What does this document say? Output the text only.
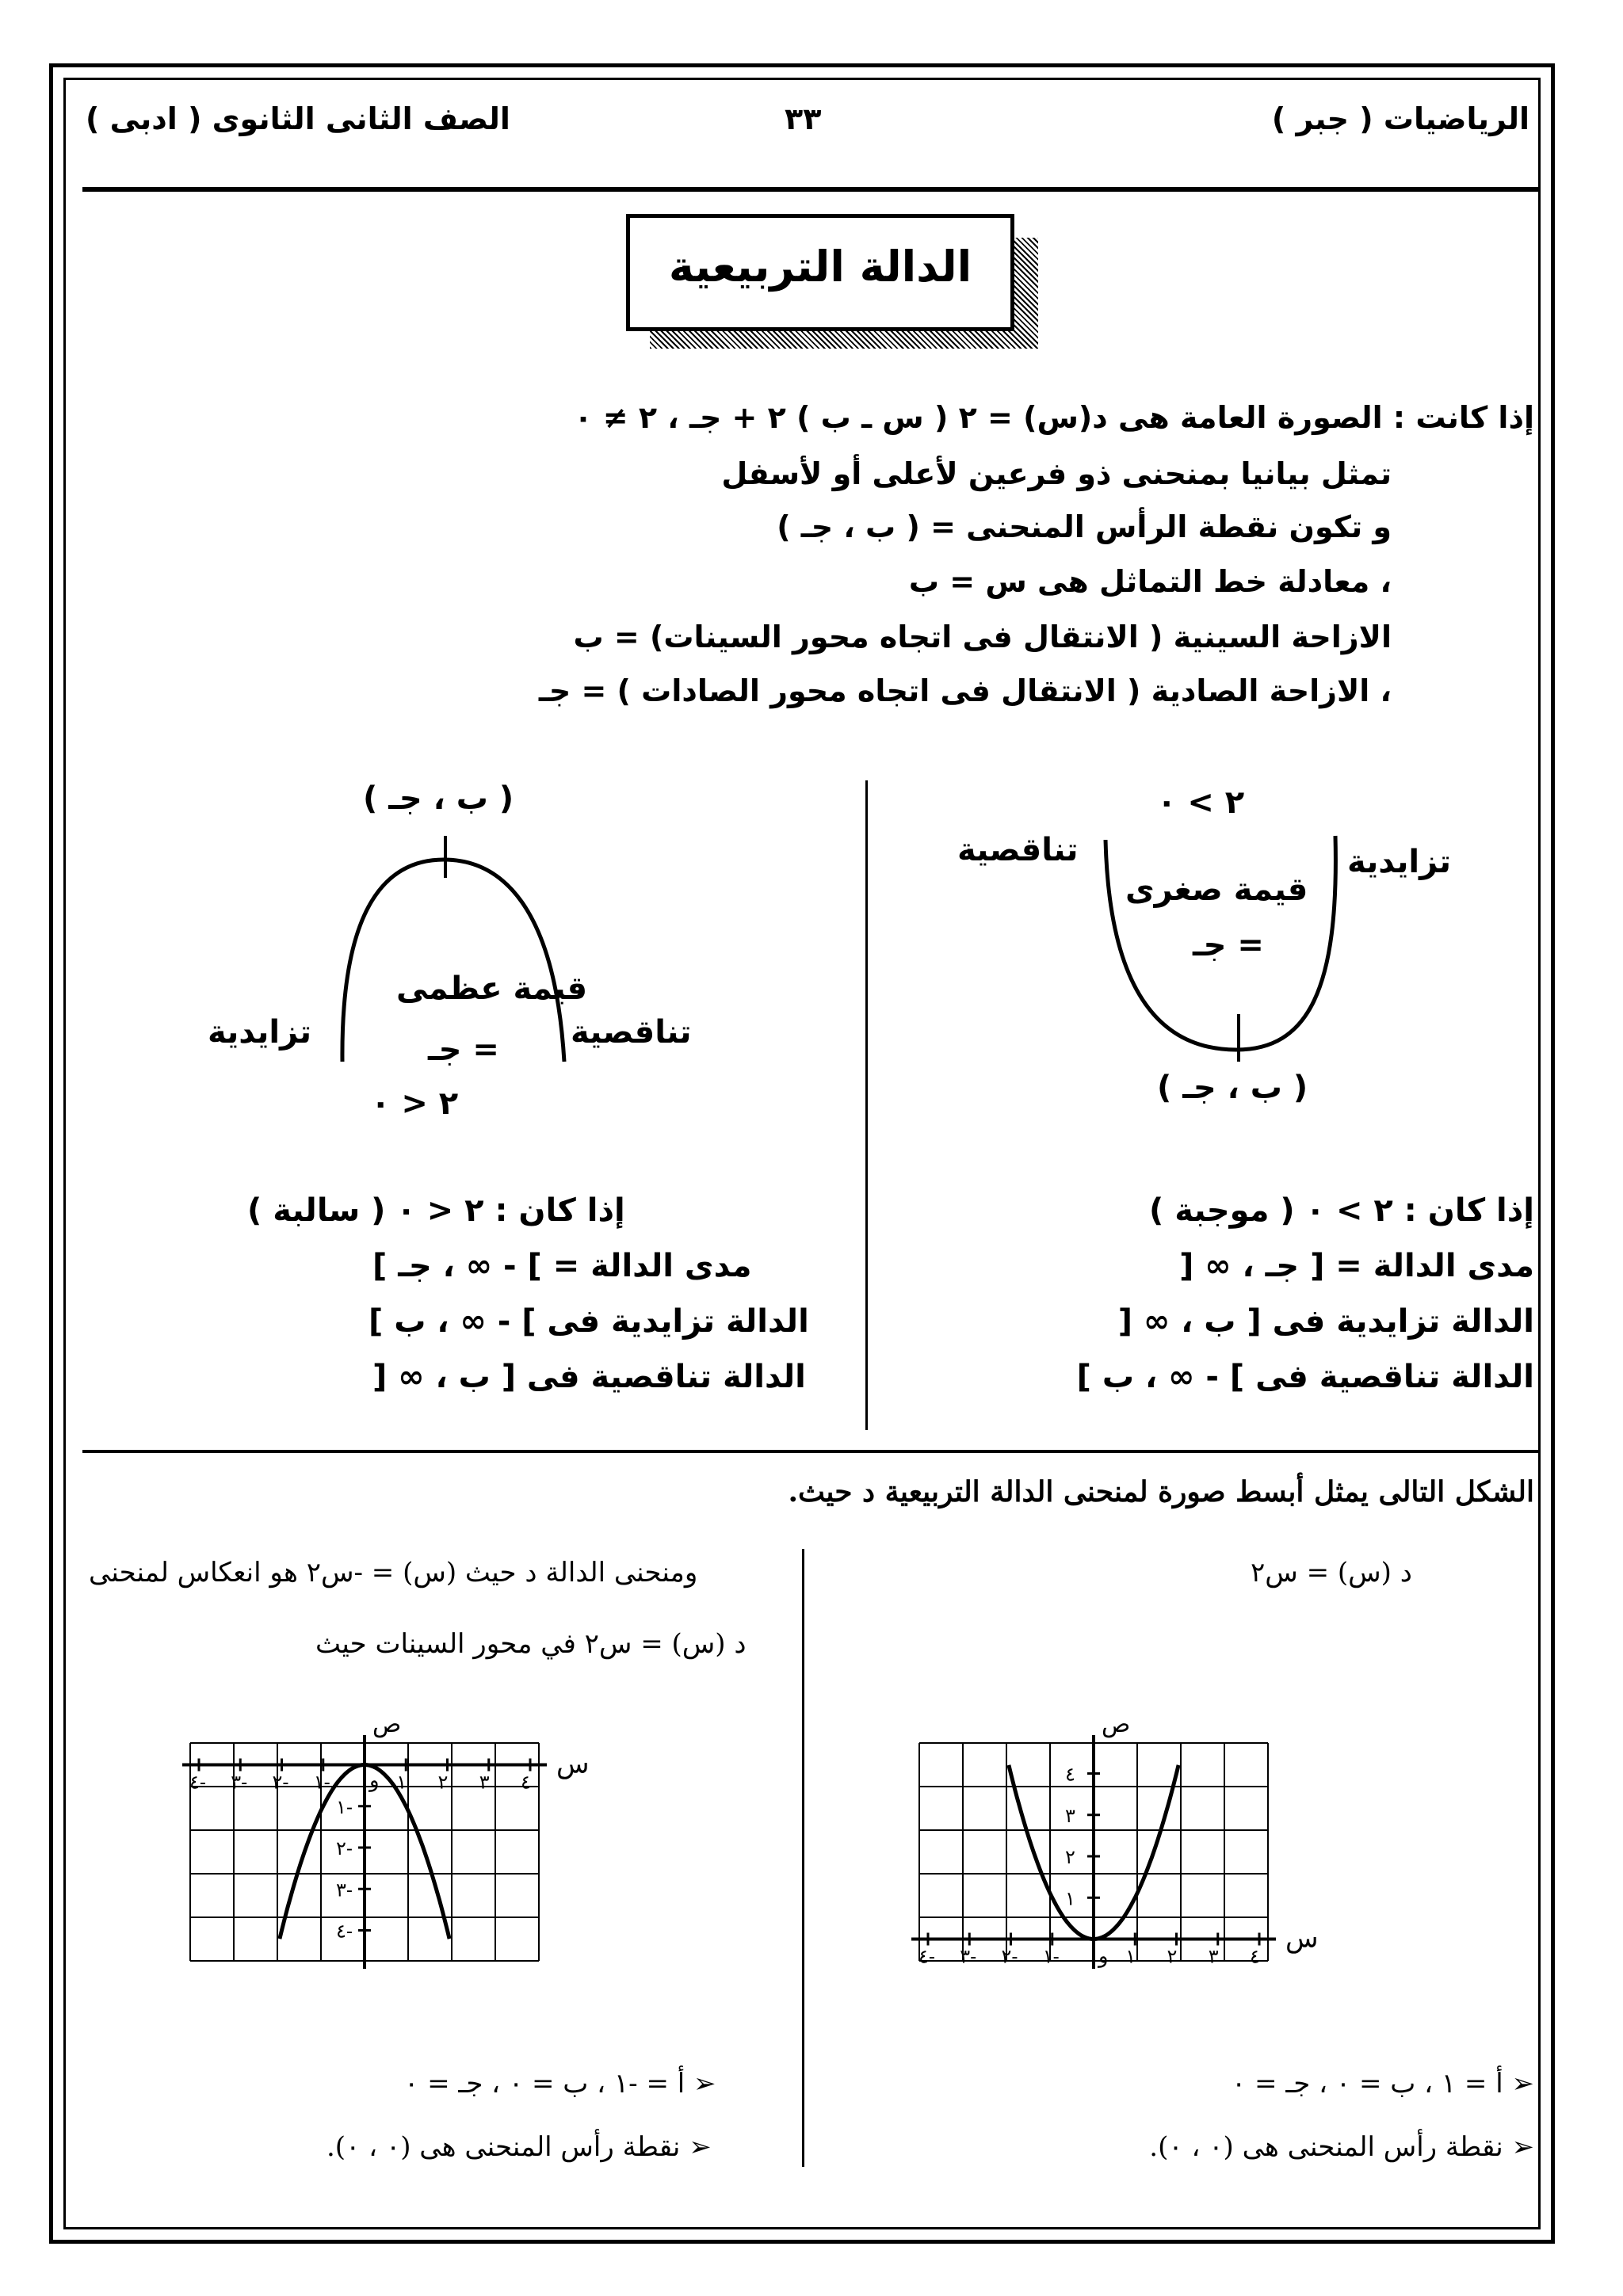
الرياضيات ( جبر )
٣٣
الصف الثانى الثانوى ( ادبى )
الدالة التربيعية
إذا كانت : الصورة العامة هى د(س) = ٢ ( س ـ ب ) ٢ + جـ ، ٢ ≠ ٠
تمثل بيانيا بمنحنى ذو فرعين لأعلى أو لأسفل
و تكون نقطة الرأس المنحنى = ( ب ، جـ )
، معادلة خط التماثل هى س = ب
الازاحة السينية ( الانتقال فى اتجاه محور السينات) = ب
، الازاحة الصادية ( الانتقال فى اتجاه محور الصادات ) = جـ
٢ > ٠
تناقصية	تزايدية
قيمة صغرى
= جـ
( ب ، جـ )
إذا كان : ٢ > ٠ ( موجبة )
مدى الدالة = [ جـ ، ∞ [
الدالة تزايدية فى [ ب ، ∞ [
الدالة تناقصية فى ] - ∞ ، ب ]
( ب ، جـ )
قيمة عظمى
تناقصية
تزايدية	= جـ
٢ < ٠
إذا كان : ٢ < ٠ ( سالبة )
مدى الدالة = ] - ∞ ، جـ ]
الدالة تزايدية فى ] - ∞ ، ب ]
الدالة تناقصية فى [ ب ، ∞ [
الشكل التالى يمثل أبسط صورة لمنحنى الدالة التربيعية د حيث.
د (س) = س٢
ومنحنى الدالة د حيث (س) = -س٢ هو انعكاس لمنحنى
د (س) = س٢ في محور السينات حيث
س
ص
و
٤- ٣- ٢- ١-	١ ٢ ٣ ٤
١
٢
٣
٤
س
ص
و
٤- ٣- ٢- ١-	١ ٢ ٣ ٤
١-
٢-
٣-
٤-
➢ أ = ١ ، ب = ٠ ، جـ = ٠
➢ نقطة رأس المنحنى هى (٠ ، ٠).
➢ أ = -١ ، ب = ٠ ، جـ = ٠
➢ نقطة رأس المنحنى هى (٠ ، ٠).
